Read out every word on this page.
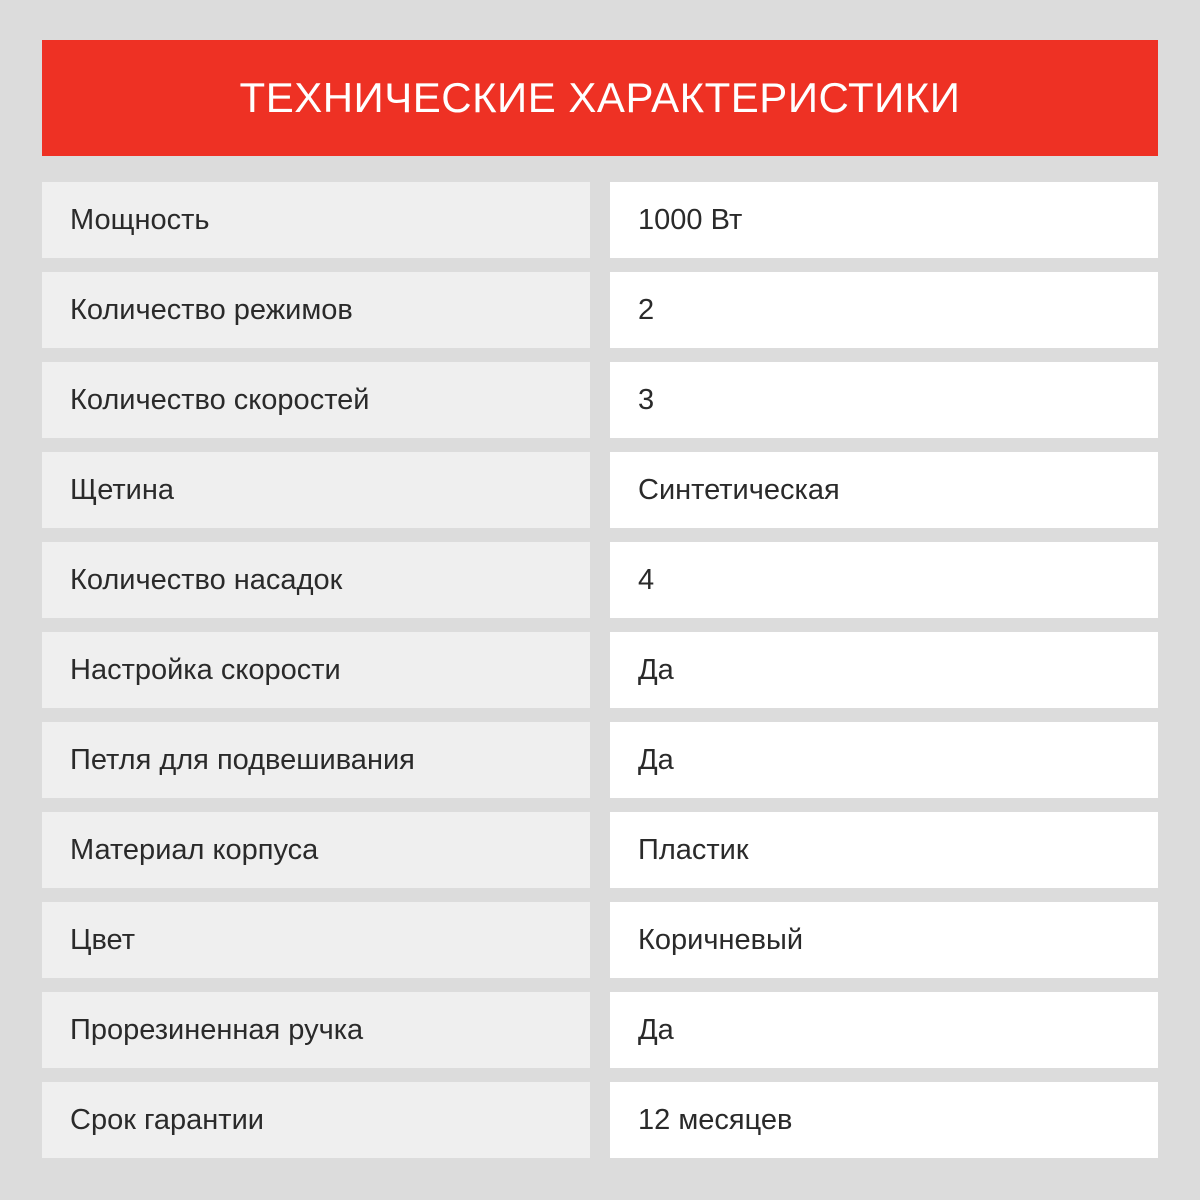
ТЕХНИЧЕСКИЕ ХАРАКТЕРИСТИКИ
Мощность	1000 Вт
Количество режимов	2
Количество скоростей	3
Щетина	Синтетическая
Количество насадок	4
Настройка скорости	Да
Петля для подвешивания	Да
Материал корпуса	Пластик
Цвет	Коричневый
Прорезиненная ручка	Да
Срок гарантии	12 месяцев
